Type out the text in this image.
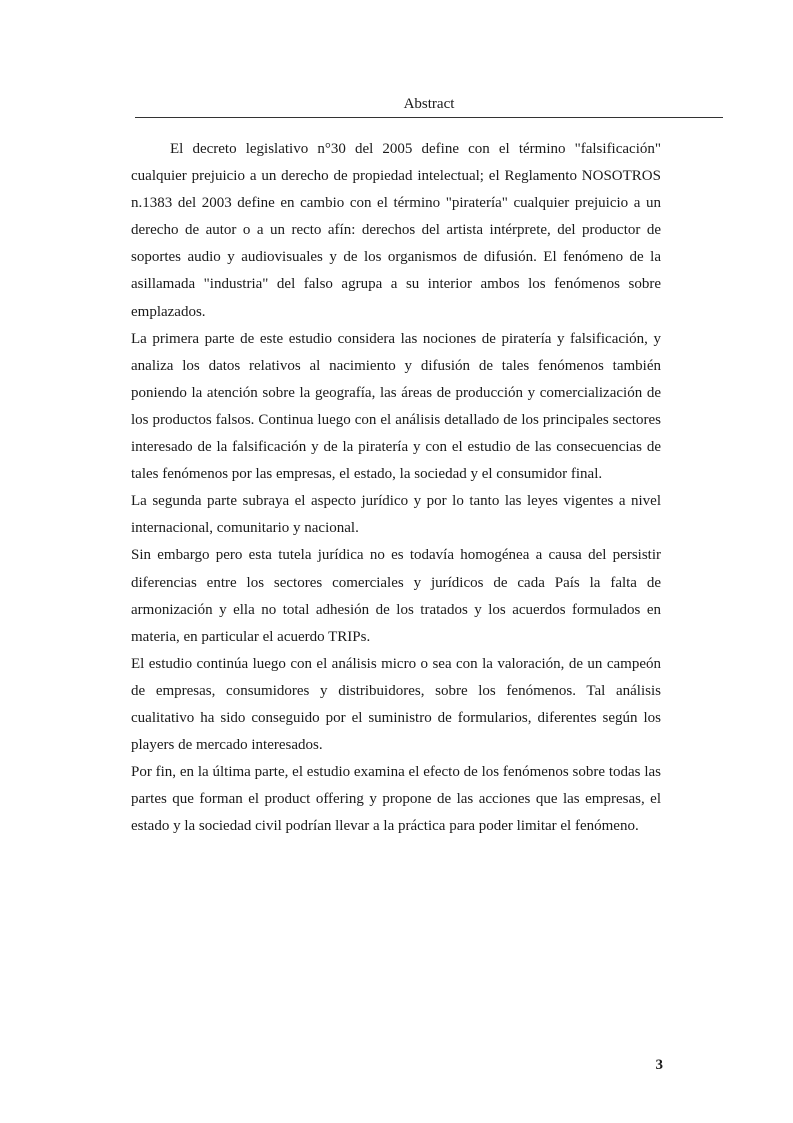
Abstract

El decreto legislativo n°30 del 2005 define con el término "falsificación" cualquier prejuicio a un derecho de propiedad intelectual; el Reglamento NOSOTROS n.1383 del 2003 define en cambio con el término "piratería" cualquier prejuicio a un derecho de autor o a un recto afín: derechos del artista intérprete, del productor de soportes audio y audiovisuales y de los organismos de difusión. El fenómeno de la asillamada "industria" del falso agrupa a su interior ambos los fenómenos sobre emplazados.

La primera parte de este estudio considera las nociones de piratería y falsificación, y analiza los datos relativos al nacimiento y difusión de tales fenómenos también poniendo la atención sobre la geografía, las áreas de producción y comercialización de los productos falsos. Continua luego con el análisis detallado de los principales sectores interesado de la falsificación y de la piratería y con el estudio de las consecuencias de tales fenómenos por las empresas, el estado, la sociedad y el consumidor final.

La segunda parte subraya el aspecto jurídico y por lo tanto las leyes vigentes a nivel internacional, comunitario y nacional.

Sin embargo pero esta tutela jurídica no es todavía homogénea a causa del persistir diferencias entre los sectores comerciales y jurídicos de cada País la falta de armonización y ella no total adhesión de los tratados y los acuerdos formulados en materia, en particular el acuerdo TRIPs.

El estudio continúa luego con el análisis micro o sea con la valoración, de un campeón de empresas, consumidores y distribuidores, sobre los fenómenos. Tal análisis cualitativo ha sido conseguido por el suministro de formularios, diferentes según los players de mercado interesados.

Por fin, en la última parte, el estudio examina el efecto de los fenómenos sobre todas las partes que forman el product offering y propone de las acciones que las empresas, el estado y la sociedad civil podrían llevar a la práctica para poder limitar el fenómeno.

3
